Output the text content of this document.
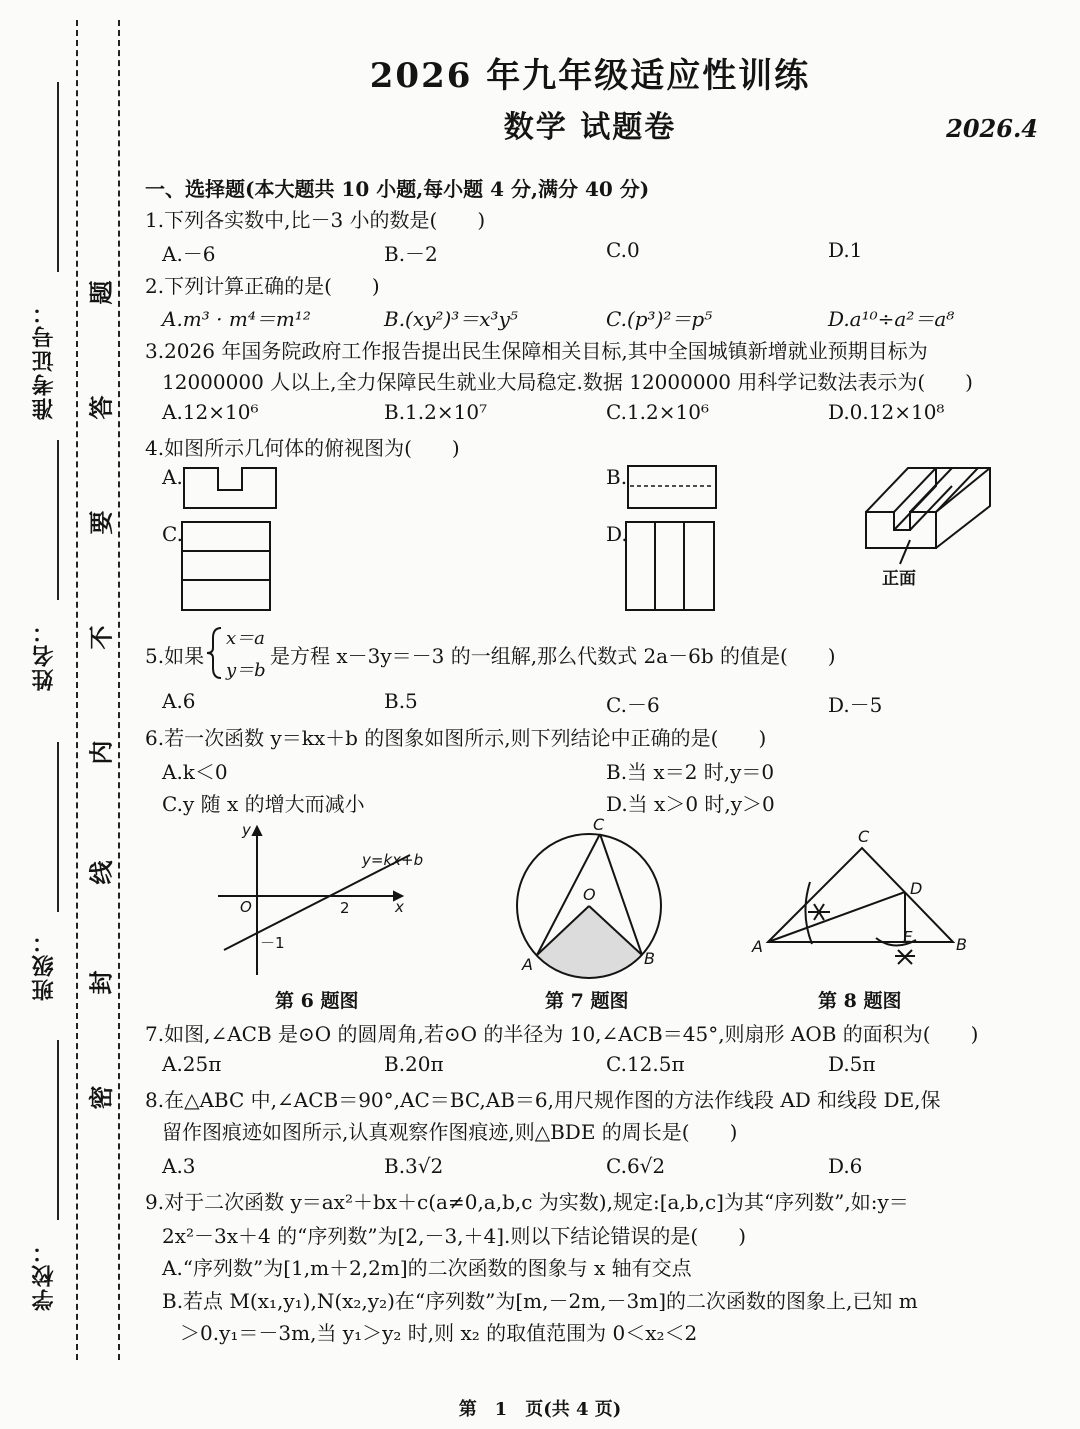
准考证号：
姓名：
班级：
学校：
题
答
要
不
内
线
封
密
2026 年九年级适应性训练
数学 试题卷	2026.4
一、选择题(本大题共 10 小题,每小题 4 分,满分 40 分)
1.下列各实数中,比－3 小的数是(　　)
A.－6	B.－2	C.0	D.1
2.下列计算正确的是(　　)
A.m³ · m⁴＝m¹²	B.(xy²)³＝x³y⁵	C.(p³)²＝p⁵	D.a¹⁰÷a²＝a⁸
3.2026 年国务院政府工作报告提出民生保障相关目标,其中全国城镇新增就业预期目标为
12000000 人以上,全力保障民生就业大局稳定.数据 12000000 用科学记数法表示为(　　)
A.12×10⁶	B.1.2×10⁷	C.1.2×10⁶	D.0.12×10⁸
4.如图所示几何体的俯视图为(　　)
A.	B.
C.	D.
正面
5.如果
x＝a
y＝b
是方程 x－3y＝－3 的一组解,那么代数式 2a－6b 的值是(　　)
A.6	B.5	C.－6	D.－5
6.若一次函数 y＝kx＋b 的图象如图所示,则下列结论中正确的是(　　)
A.k＜0	B.当 x＝2 时,y＝0
C.y 随 x 的增大而减小	D.当 x＞0 时,y＞0
y
x
O	2
－1
y=kx+b
第 6 题图
C
O
A	B
第 7 题图
C
D
E
A	B
第 8 题图
7.如图,∠ACB 是⊙O 的圆周角,若⊙O 的半径为 10,∠ACB＝45°,则扇形 AOB 的面积为(　　)
A.25π	B.20π	C.12.5π	D.5π
8.在△ABC 中,∠ACB＝90°,AC＝BC,AB＝6,用尺规作图的方法作线段 AD 和线段 DE,保
留作图痕迹如图所示,认真观察作图痕迹,则△BDE 的周长是(　　)
A.3	B.3√2	C.6√2	D.6
9.对于二次函数 y＝ax²＋bx＋c(a≠0,a,b,c 为实数),规定:[a,b,c]为其“序列数”,如:y＝
2x²－3x＋4 的“序列数”为[2,－3,＋4].则以下结论错误的是(　　)
A.“序列数”为[1,m＋2,2m]的二次函数的图象与 x 轴有交点
B.若点 M(x₁,y₁),N(x₂,y₂)在“序列数”为[m,－2m,－3m]的二次函数的图象上,已知 m
＞0.y₁＝－3m,当 y₁＞y₂ 时,则 x₂ 的取值范围为 0＜x₂＜2
第　1　页(共 4 页)
